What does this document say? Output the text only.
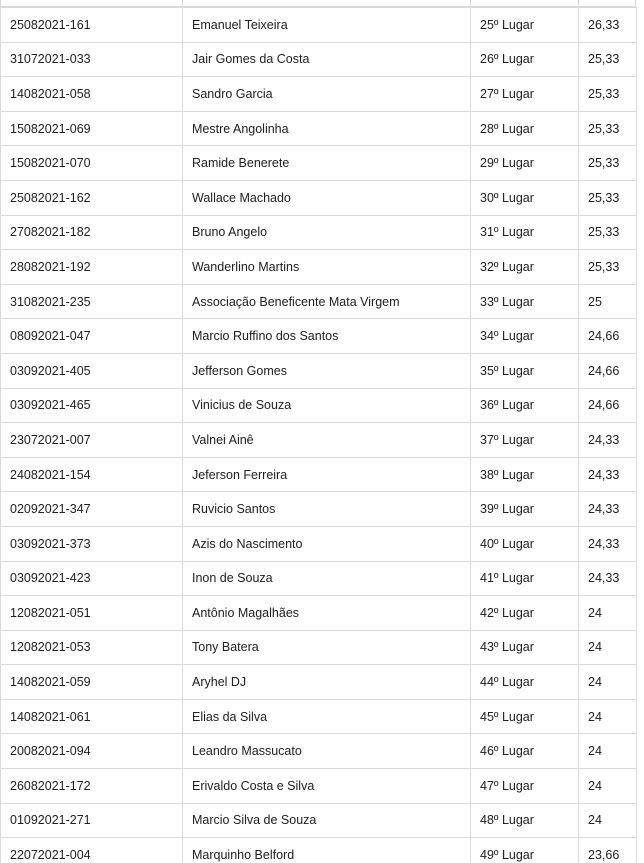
25082021-161	Emanuel Teixeira	25º Lugar	26,33
31072021-033	Jair Gomes da Costa	26º Lugar	25,33
14082021-058	Sandro Garcia	27º Lugar	25,33
15082021-069	Mestre Angolinha	28º Lugar	25,33
15082021-070	Ramide Benerete	29º Lugar	25,33
25082021-162	Wallace Machado	30º Lugar	25,33
27082021-182	Bruno Angelo	31º Lugar	25,33
28082021-192	Wanderlino Martins	32º Lugar	25,33
31082021-235	Associação Beneficente Mata Virgem	33º Lugar	25
08092021-047	Marcio Ruffino dos Santos	34º Lugar	24,66
03092021-405	Jefferson Gomes	35º Lugar	24,66
03092021-465	Vinicius de Souza	36º Lugar	24,66
23072021-007	Valnei Ainê	37º Lugar	24,33
24082021-154	Jeferson Ferreira	38º Lugar	24,33
02092021-347	Ruvicio Santos	39º Lugar	24,33
03092021-373	Azis do Nascimento	40º Lugar	24,33
03092021-423	Inon de Souza	41º Lugar	24,33
12082021-051	Antônio Magalhães	42º Lugar	24
12082021-053	Tony Batera	43º Lugar	24
14082021-059	Aryhel DJ	44º Lugar	24
14082021-061	Elias da Silva	45º Lugar	24
20082021-094	Leandro Massucato	46º Lugar	24
26082021-172	Erivaldo Costa e Silva	47º Lugar	24
01092021-271	Marcio Silva de Souza	48º Lugar	24
22072021-004	Marquinho Belford	49º Lugar	23,66
